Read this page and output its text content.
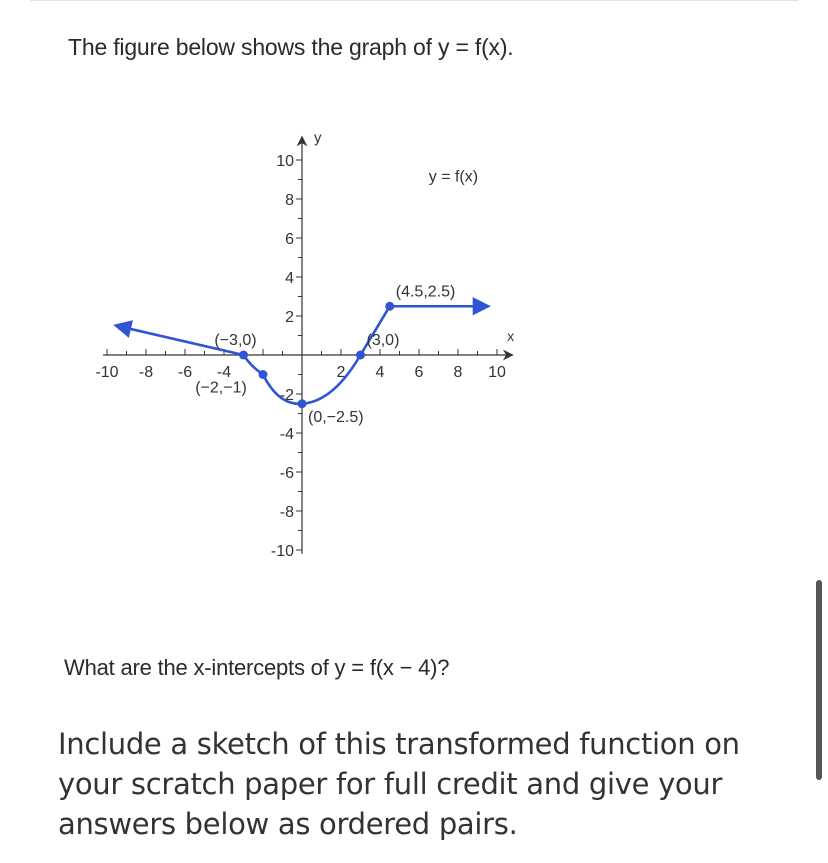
The figure below shows the graph of y = f(x).
-10 -8 -6 -4	2 4 6 8 10
10
8
6
4
2
-2
-4
-6
-8
-10
x
y
y = f(x)
(−3,0)
(−2,−1)
(0,−2.5)
(3,0)
(4.5,2.5)
What are the x-intercepts of y = f(x − 4)?
Include a sketch of this transformed function on your scratch paper for full credit and give your answers below as ordered pairs.
